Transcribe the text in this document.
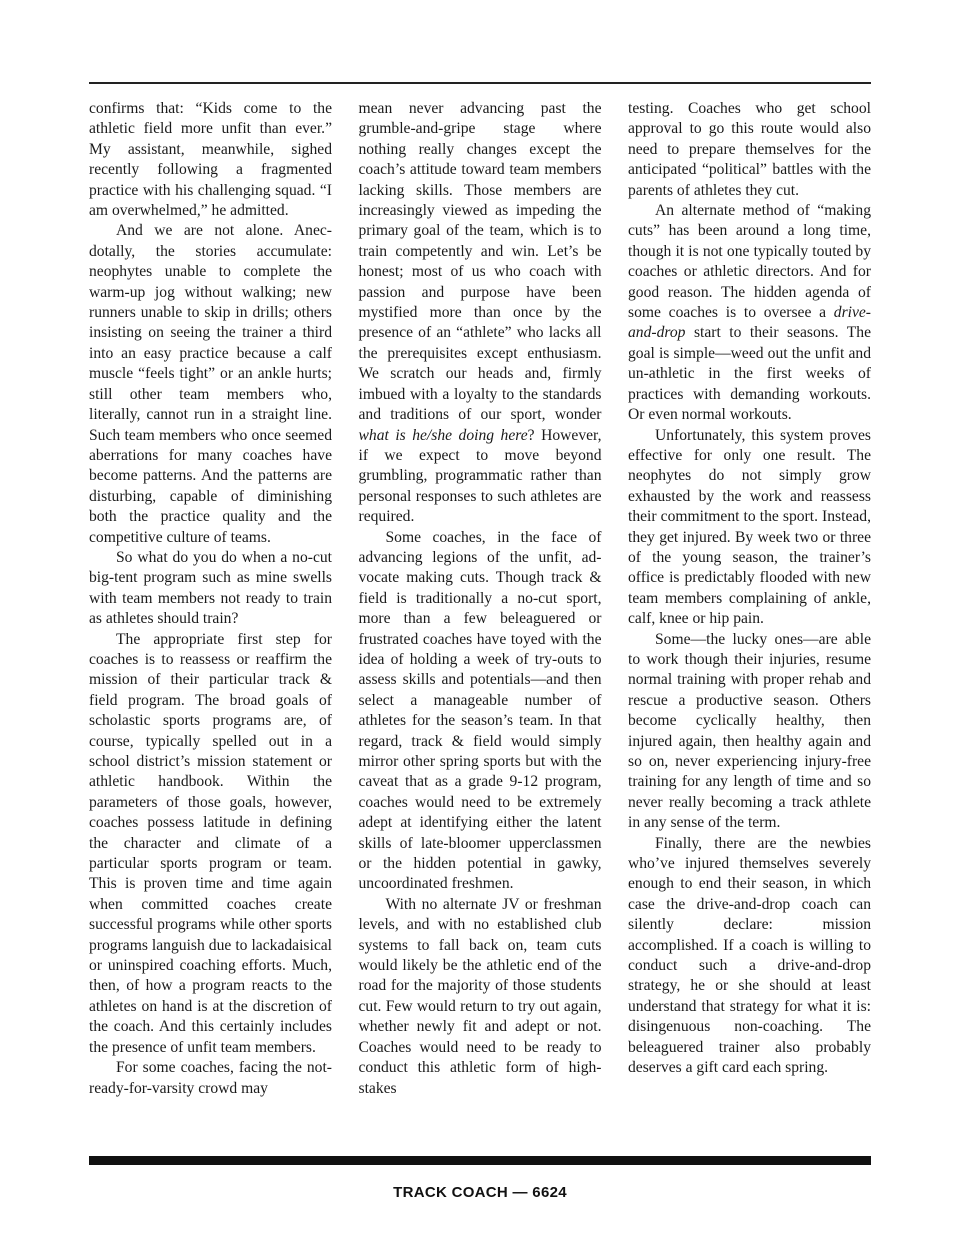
confirms that: “Kids come to the athletic field more unfit than ever.” My assistant, meanwhile, sighed recently following a fragmented practice with his challenging squad. “I am overwhelmed,” he admitted.

And we are not alone. Anecdotally, the stories accumulate: neophytes unable to complete the warm-up jog without walking; new runners unable to skip in drills; others insisting on seeing the trainer a third into an easy practice because a calf muscle “feels tight” or an ankle hurts; still other team members who, literally, cannot run in a straight line. Such team members who once seemed aberrations for many coaches have become patterns. And the patterns are disturbing, capable of diminishing both the practice quality and the competitive culture of teams.

So what do you do when a no-cut big-tent program such as mine swells with team members not ready to train as athletes should train?

The appropriate first step for coaches is to reassess or reaffirm the mission of their particular track & field program. The broad goals of scholastic sports programs are, of course, typically spelled out in a school district’s mission statement or athletic handbook. Within the parameters of those goals, however, coaches possess latitude in defining the character and climate of a particular sports program or team. This is proven time and time again when committed coaches create successful programs while other sports programs languish due to lackadaisical or uninspired coaching efforts. Much, then, of how a program reacts to the athletes on hand is at the discretion of the coach. And this certainly includes the presence of unfit team members.

For some coaches, facing the not-ready-for-varsity crowd may

mean never advancing past the grumble-and-gripe stage where nothing really changes except the coach’s attitude toward team members lacking skills. Those members are increasingly viewed as impeding the primary goal of the team, which is to train competently and win. Let’s be honest; most of us who coach with passion and purpose have been mystified more than once by the presence of an “athlete” who lacks all the prerequisites except enthusiasm. We scratch our heads and, firmly imbued with a loyalty to the standards and traditions of our sport, wonder what is he/she doing here? However, if we expect to move beyond grumbling, programmatic rather than personal responses to such athletes are required.

Some coaches, in the face of advancing legions of the unfit, advocate making cuts. Though track & field is traditionally a no-cut sport, more than a few beleaguered or frustrated coaches have toyed with the idea of holding a week of try-outs to assess skills and potentials—and then select a manageable number of athletes for the season’s team. In that regard, track & field would simply mirror other spring sports but with the caveat that as a grade 9-12 program, coaches would need to be extremely adept at identifying either the latent skills of late-bloomer upperclassmen or the hidden potential in gawky, uncoordinated freshmen.

With no alternate JV or freshman levels, and with no established club systems to fall back on, team cuts would likely be the athletic end of the road for the majority of those students cut. Few would return to try out again, whether newly fit and adept or not. Coaches would need to be ready to conduct this athletic form of high-stakes

testing. Coaches who get school approval to go this route would also need to prepare themselves for the anticipated “political” battles with the parents of athletes they cut.

An alternate method of “making cuts” has been around a long time, though it is not one typically touted by coaches or athletic directors. And for good reason. The hidden agenda of some coaches is to oversee a drive-and-drop start to their seasons. The goal is simple—weed out the unfit and un-athletic in the first weeks of practices with demanding workouts. Or even normal workouts.

Unfortunately, this system proves effective for only one result. The neophytes do not simply grow exhausted by the work and reassess their commitment to the sport. Instead, they get injured. By week two or three of the young season, the trainer’s office is predictably flooded with new team members complaining of ankle, calf, knee or hip pain.

Some—the lucky ones—are able to work though their injuries, resume normal training with proper rehab and rescue a productive season. Others become cyclically healthy, then injured again, then healthy again and so on, never experiencing injury-free training for any length of time and so never really becoming a track athlete in any sense of the term.

Finally, there are the newbies who’ve injured themselves severely enough to end their season, in which case the drive-and-drop coach can silently declare: mission accomplished. If a coach is willing to conduct such a drive-and-drop strategy, he or she should at least understand that strategy for what it is: disingenuous non-coaching. The beleaguered trainer also probably deserves a gift card each spring.

TRACK COACH — 6624
